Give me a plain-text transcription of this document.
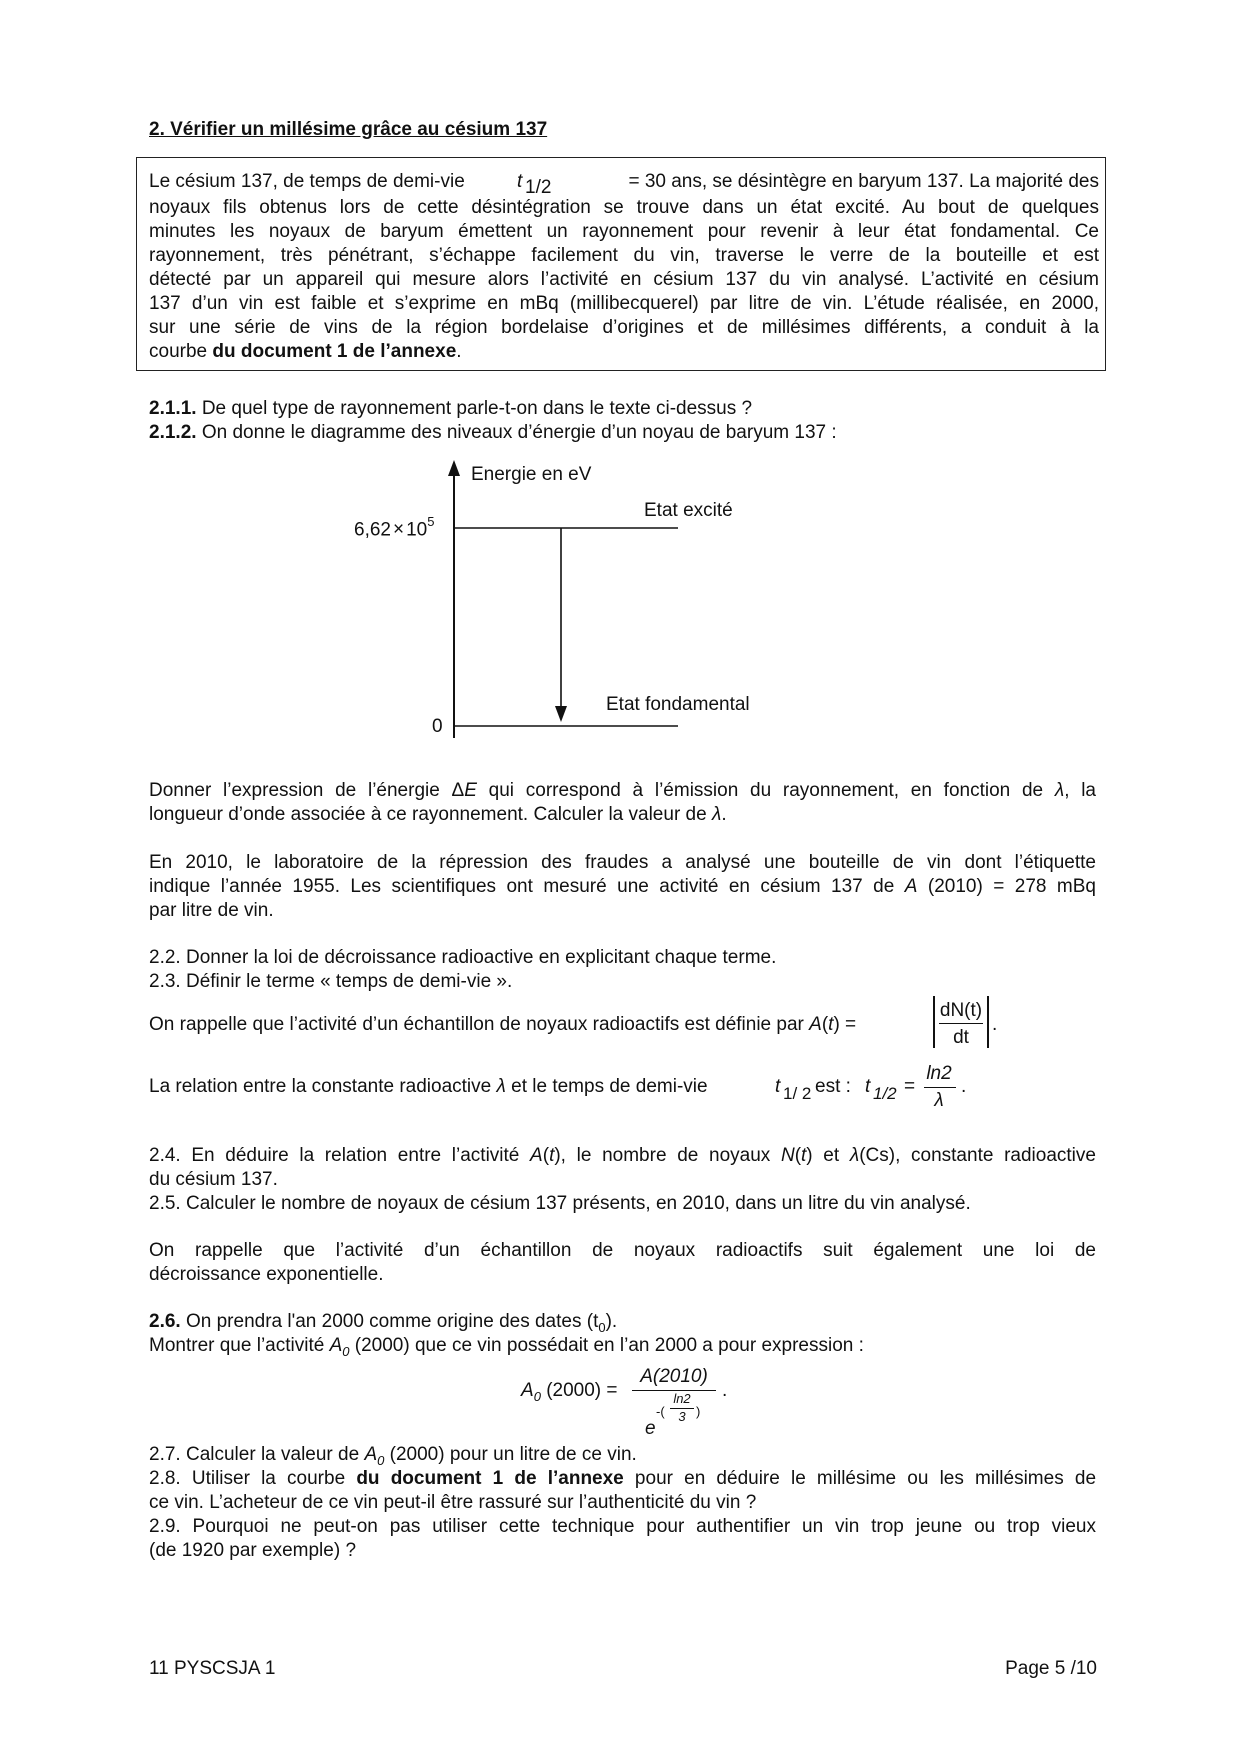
2. Vérifier un millésime grâce au césium 137
Le césium 137, de temps de demi-vie	t 1/2	= 30 ans, se désintègre en baryum 137. La majorité des
noyaux fils obtenus lors de cette désintégration se trouve dans un état excité. Au bout de quelques
minutes les noyaux de baryum émettent un rayonnement pour revenir à leur état fondamental. Ce
rayonnement, très pénétrant, s’échappe facilement du vin, traverse le verre de la bouteille et est
détecté par un appareil qui mesure alors l’activité en césium 137 du vin analysé. L’activité en césium
137 d’un vin est faible et s’exprime en mBq (millibecquerel) par litre de vin. L’étude réalisée, en 2000,
sur une série de vins de la région bordelaise d’origines et de millésimes différents, a conduit à la
courbe du document 1 de l’annexe.
2.1.1. De quel type de rayonnement parle-t-on dans le texte ci-dessus ?
2.1.2. On donne le diagramme des niveaux d’énergie d’un noyau de baryum 137 :
Energie en eV
$6,62 \times 10^5$
Etat excité
0
Etat fondamental
Donner l’expression de l’énergie ΔE qui correspond à l’émission du rayonnement, en fonction de λ, la
longueur d’onde associée à ce rayonnement. Calculer la valeur de λ.
En 2010, le laboratoire de la répression des fraudes a analysé une bouteille de vin dont l’étiquette
indique l’année 1955. Les scientifiques ont mesuré une activité en césium 137 de A (2010) = 278 mBq
par litre de vin.
2.2. Donner la loi de décroissance radioactive en explicitant chaque terme.
2.3. Définir le terme « temps de demi-vie ».
On rappelle que l’activité d’un échantillon de noyaux radioactifs est définie par A(t) =
dN(t)
dt
.
La relation entre la constante radioactive λ et le temps de demi-vie	t 1/ 2 est : t 1/2 =
ln2
λ
.
2.4. En déduire la relation entre l’activité A(t), le nombre de noyaux N(t) et λ(Cs), constante radioactive
du césium 137.
2.5. Calculer le nombre de noyaux de césium 137 présents, en 2010, dans un litre du vin analysé.
On rappelle que l’activité d’un échantillon de noyaux radioactifs suit également une loi de
décroissance exponentielle.
2.6. On prendra l'an 2000 comme origine des dates $(t_0)$.
Montrer que l’activité $A_0$ (2000) que ce vin possédait en l’an 2000 a pour expression :
$A_0$ (2000) =
A(2010)
e
-(
ln2
3 )
.
2.7. Calculer la valeur de $A_0$ (2000) pour un litre de ce vin.
2.8. Utiliser la courbe du document 1 de l’annexe pour en déduire le millésime ou les millésimes de
ce vin. L’acheteur de ce vin peut-il être rassuré sur l’authenticité du vin ?
2.9. Pourquoi ne peut-on pas utiliser cette technique pour authentifier un vin trop jeune ou trop vieux
(de 1920 par exemple) ?
11 PYSCSJA 1	Page 5 /10
